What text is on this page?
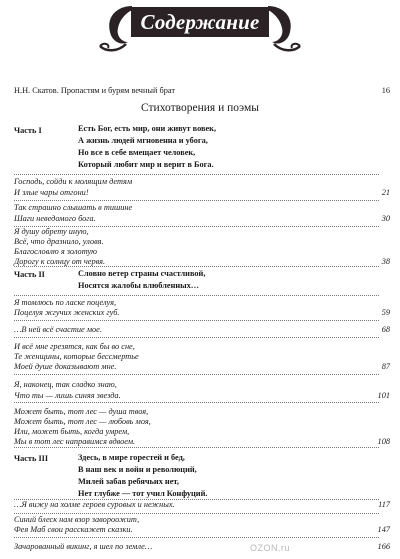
Содержание
Н.Н. Скатов. Пропастям и бурям вечный брат	16
Стихотворения и поэмы
Часть I	Есть Бог, есть мир, они живут вовек,
А жизнь людей мгновенна и убога,
Но все в себе вмещает человек,
Который любит мир и верит в Бога.
Господь, сойди к молящим детям
И злые чары отгони!	21
Так страшно слышать в тишине
Шаги неведомого бога.	30
Я душу обрету иную,
Всё, что дразнило, уловя.
Благословлю я золотую
Дорогу к солнцу от червя.	38
Часть II	Словно ветер страны счастливой,
Носятся жалобы влюбленных…
Я томлюсь по ласке поцелуя,
Поцелуя жгучих женских губ.	59
…В ней всё счастие мое.	68
И всё мне грезятся, как бы во сне,
Те женщины, которые бессмертье
Моей душе доказывают мне.	87
Я, наконец, так сладко знаю,
Что ты — лишь синяя звезда.	101
Может быть, тот лес — душа твоя,
Может быть, тот лес — любовь моя,
Или, может быть, когда умрем,
Мы в тот лес направимся вдвоем.	108
Часть III	Здесь, в мире горестей и бед,
В наш век и войн и революций,
Милей забав ребячьих нет,
Нет глубже — тот учил Конфуций.
…Я вижу на холме героев суровых и нежных.	117
Синий блеск нам взор завороожит,
Фея Маб свои расскажет сказки.	147
Зачарованный викинг, я шел по земле…	166
OZON.ru
